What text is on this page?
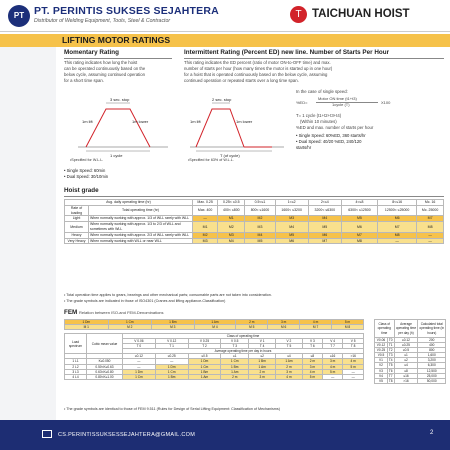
PT PT. PERINTIS SUKSES SEJAHTERA
Distributor of Welding Equipment, Tools, Steel & Contractor
T TAICHUAN HOIST
LIFTING MOTOR RATINGS
Momentary Rating
This rating indicates how long the hoist
can be operated continuously based on the
below cycle, assuming continued operation
for a short time span.
3 sec. stop
1m lift	1m lower
1 cycle
•Specified for W.L.L.
Intermittent Rating (Percent ED) new line. Number of Starts Per Hour
This rating indicates the ED percent (ratio of motor ON-to-OFF time) and max.
number of starts per hour (how many times the motor is started up in one hour)
for a hoist that is operated continuously based on the below cycle, assuming
continued operation or repeated starts over a long time span.
2 sec. stop
1m lift	1m lower
T (of cycle)
•Specified for 63% of W.L.L.
In the case of single speed:
%ED=
Motor ON time (t1+t3)
1cycle (T)	X100
T= 1 cycle (t1+t2+t3+t4)
(Within 10 minutes)
%ED and max. number of starts per hour
• Single Speed: 60%ED, 360 starts/hr
• Dual Speed: 40/20 %ED, 240/120
starts/hr
• Single Speed: 60min
• Dual Speed: 30/10min
Hoist grade
Avg. daily operating time (hr)		Max. 0.25	0.25< ≤0.5	0.5<≤1	1<≤2	2<≤4	4<≤8	8<≤16	Mc. 16
Rate of loading	Total operating time (hr)	Max. 400	400< ≤800	800< ≤1600	1600< ≤3200	3200< ≤6300	6300< ≤12500	12500< ≤25000	Mc. 25000
Light	When normally working with approx. 1/3 of WLL rarely with WLL	—	M1	M2	M3	M4	M5	M6	M7
Medium	When normally working with approx. 1/3 to 2/3 of WLL and sometimes with WLL	M1	M2	M3	M4	M5	M6	M7	M8
Heavy	When normally working with approx. 2/3 of WLL rarely with WLL	M2	M3	M4	M5	M6	M7	M8	—
Very Heavy	When normally working with WLL or near WLL	M3	M4	M5	M6	M7	M8	—	—
• Total operation time applies to gears, bearings and other mechanical parts; consumable parts are not taken into consideration.
• The grade symbols are indicated in those of ISO4301 (Cranes and lifting appliance-Classification)
FEM Relation between ISO-and FEM-Denominations
1 Dm	1 Cm	1 Bm	1 Am	2 m	3 m	4 m	5 m
M 1	M 2	M 3	M 4	M 5	M 6	M 7	M 8
Load spectrum	Cubic mean value	Class of operating time								
		V 0.06	V 0.12	V 0.25	V 0.5	V 1	V 2	V 3	V 4	V 5
		T 0	T 1	T 2	T 3	T 4	T 5	T 6	T 7	T 8
		Average operating time per day in hours								
		≤0.12	≤0.25	≤0.5	≤1	≤2	≤4	≤8	≤16	>16
1 L1	K≤0.050	—	—	1 Dm	1 Cm	1 Bm	1 Am	2 m	3 m	4 m
2 L2	0.50<K≤0.63	—	1 Dm	1 Cm	1 Bm	1 Am	2 m	3 m	4 m	5 m
3 L3	0.63<K≤0.80	1 Dm	1 Cm	1 Bm	1 Am	2 m	3 m	4 m	5 m	—
4 L4	0.80<K≤1.00	1 Cm	1 Bm	1 Am	2 m	3 m	4 m	5 m	—	—
Class of operating time		Average operating time per day (h)	Calculated total operating time (in hours)
V0.06	T0	≤0.12	200
V0.12	T1	≤0.25	400
V0.25	T2	≤0.5	800
V0.5	T3	≤1	1,600
V1	T4	≤2	3,200
V2	T5	≤4	6,300
V3	T6	≤8	12,500
V4	T7	≤16	25,000
V5	T8	>16	50,000
• The grade symbols are identical to those of FEM 9.511 (Rules for Design of Serial Lifting Equipment: Classification of Mechanisms)
CS.PERINTISSUKSESSEJAHTERA@GMAIL.COM	2
